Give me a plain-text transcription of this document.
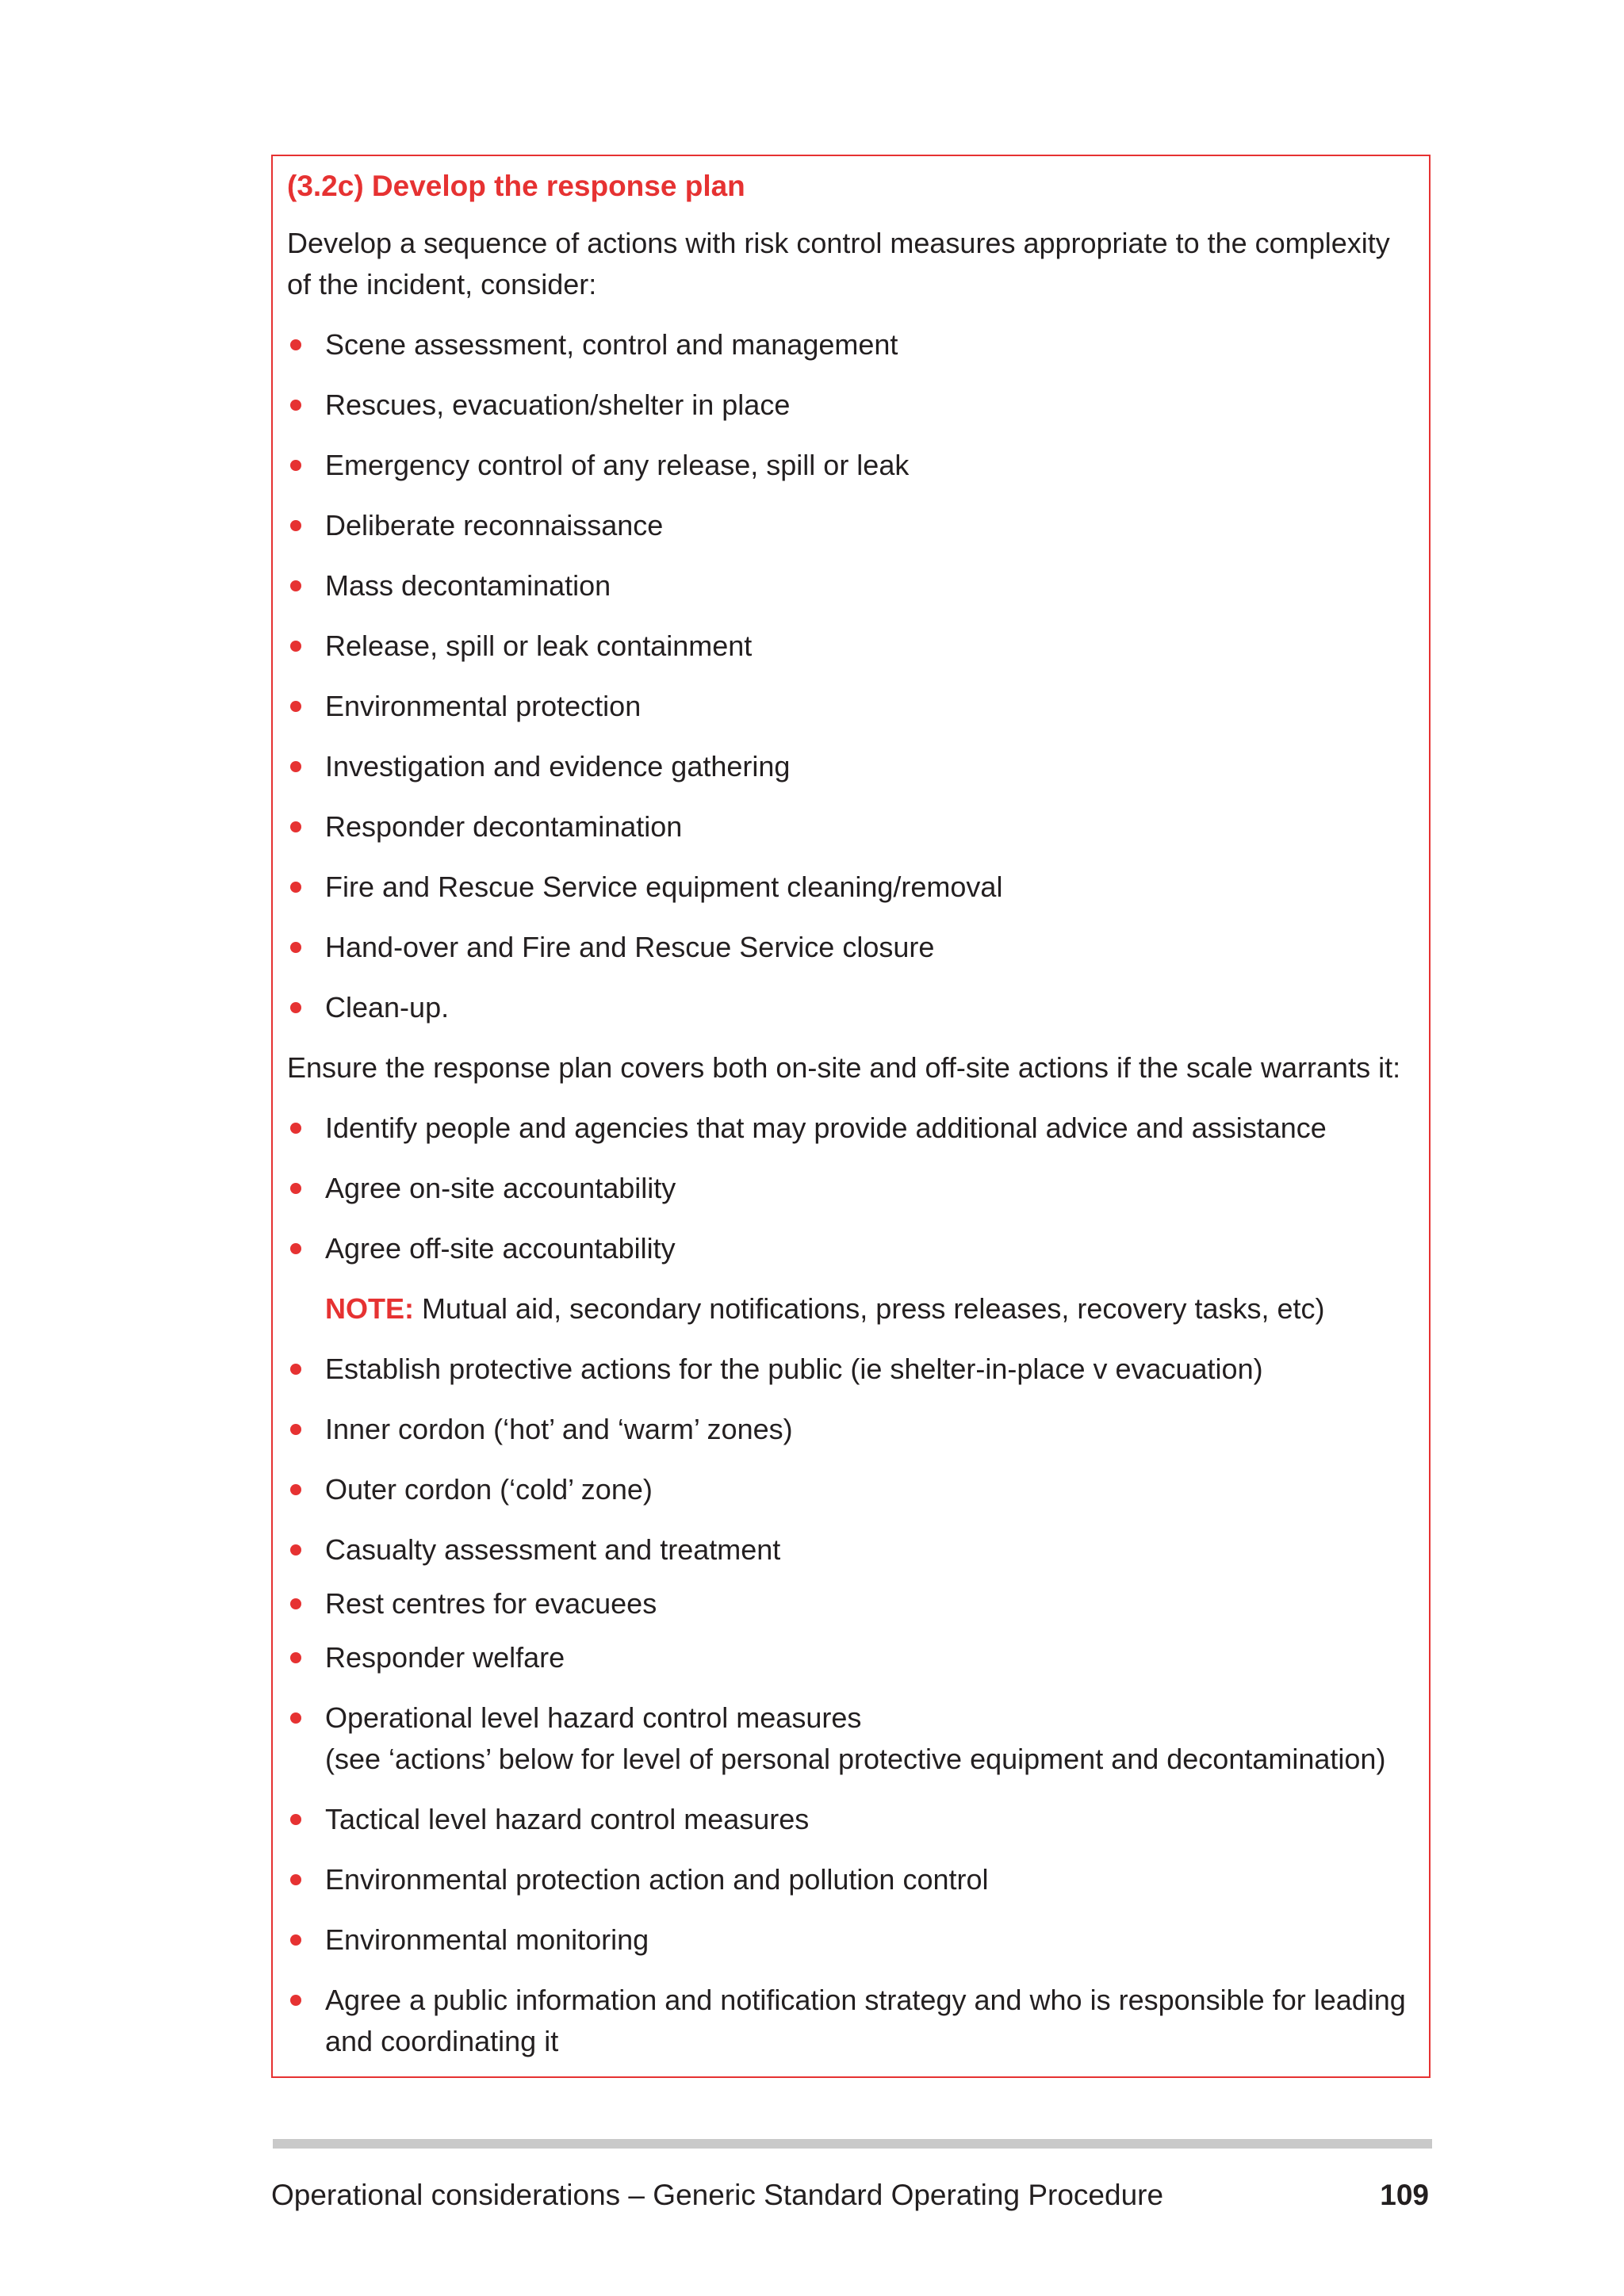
(3.2c) Develop the response plan
Develop a sequence of actions with risk control measures appropriate to the complexity of the incident, consider:
Scene assessment, control and management
Rescues, evacuation/shelter in place
Emergency control of any release, spill or leak
Deliberate reconnaissance
Mass decontamination
Release, spill or leak containment
Environmental protection
Investigation and evidence gathering
Responder decontamination
Fire and Rescue Service equipment cleaning/removal
Hand-over and Fire and Rescue Service closure
Clean-up.
Ensure the response plan covers both on-site and off-site actions if the scale warrants it:
Identify people and agencies that may provide additional advice and assistance
Agree on-site accountability
Agree off-site accountability
NOTE: Mutual aid, secondary notifications, press releases, recovery tasks, etc)
Establish protective actions for the public (ie shelter-in-place v evacuation)
Inner cordon (‘hot’ and ‘warm’ zones)
Outer cordon (‘cold’ zone)
Casualty assessment and treatment
Rest centres for evacuees
Responder welfare
Operational level hazard control measures
(see ‘actions’ below for level of personal protective equipment and decontamination)
Tactical level hazard control measures
Environmental protection action and pollution control
Environmental monitoring
Agree a public information and notification strategy and who is responsible for leading and coordinating it
Operational considerations – Generic Standard Operating Procedure	109
